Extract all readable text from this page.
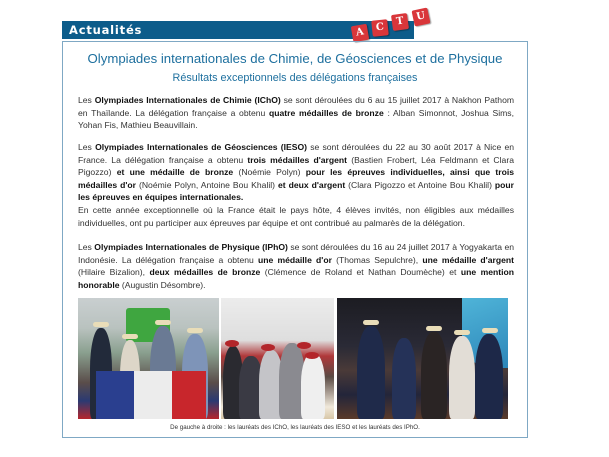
Actualités	A	C
T	U
Olympiades internationales de Chimie, de Géosciences et de Physique
Résultats exceptionnels des délégations françaises
Les Olympiades Internationales de Chimie (IChO) se sont déroulées du 6 au 15 juillet 2017 à Nakhon Pathom en Thaïlande. La délégation française a obtenu quatre médailles de bronze : Alban Simonnot, Joshua Sims, Yohan Fis, Mathieu Beauvillain.
Les Olympiades Internationales de Géosciences (IESO) se sont déroulées du 22 au 30 août 2017 à Nice en France. La délégation française a obtenu trois médailles d'argent (Bastien Frobert, Léa Feldmann et Clara Pigozzo) et une médaille de bronze (Noémie Polyn) pour les épreuves individuelles, ainsi que trois médailles d'or (Noémie Polyn, Antoine Bou Khalil) et deux d'argent (Clara Pigozzo et Antoine Bou Khalil) pour les épreuves en équipes internationales.
En cette année exceptionnelle où la France était le pays hôte, 4 élèves invités, non éligibles aux médailles individuelles, ont pu participer aux épreuves par équipe et ont contribué au palmarès de la délégation.
Les Olympiades Internationales de Physique (IPhO) se sont déroulées du 16 au 24 juillet 2017 à Yogyakarta en Indonésie. La délégation française a obtenu une médaille d'or (Thomas Sepulchre), une médaille d'argent (Hilaire Bizalion), deux médailles de bronze (Clémence de Roland et Nathan Doumèche) et une mention honorable (Augustin Désombre).
De gauche à droite : les lauréats des IChO, les lauréats des IESO et les lauréats des IPhO.
